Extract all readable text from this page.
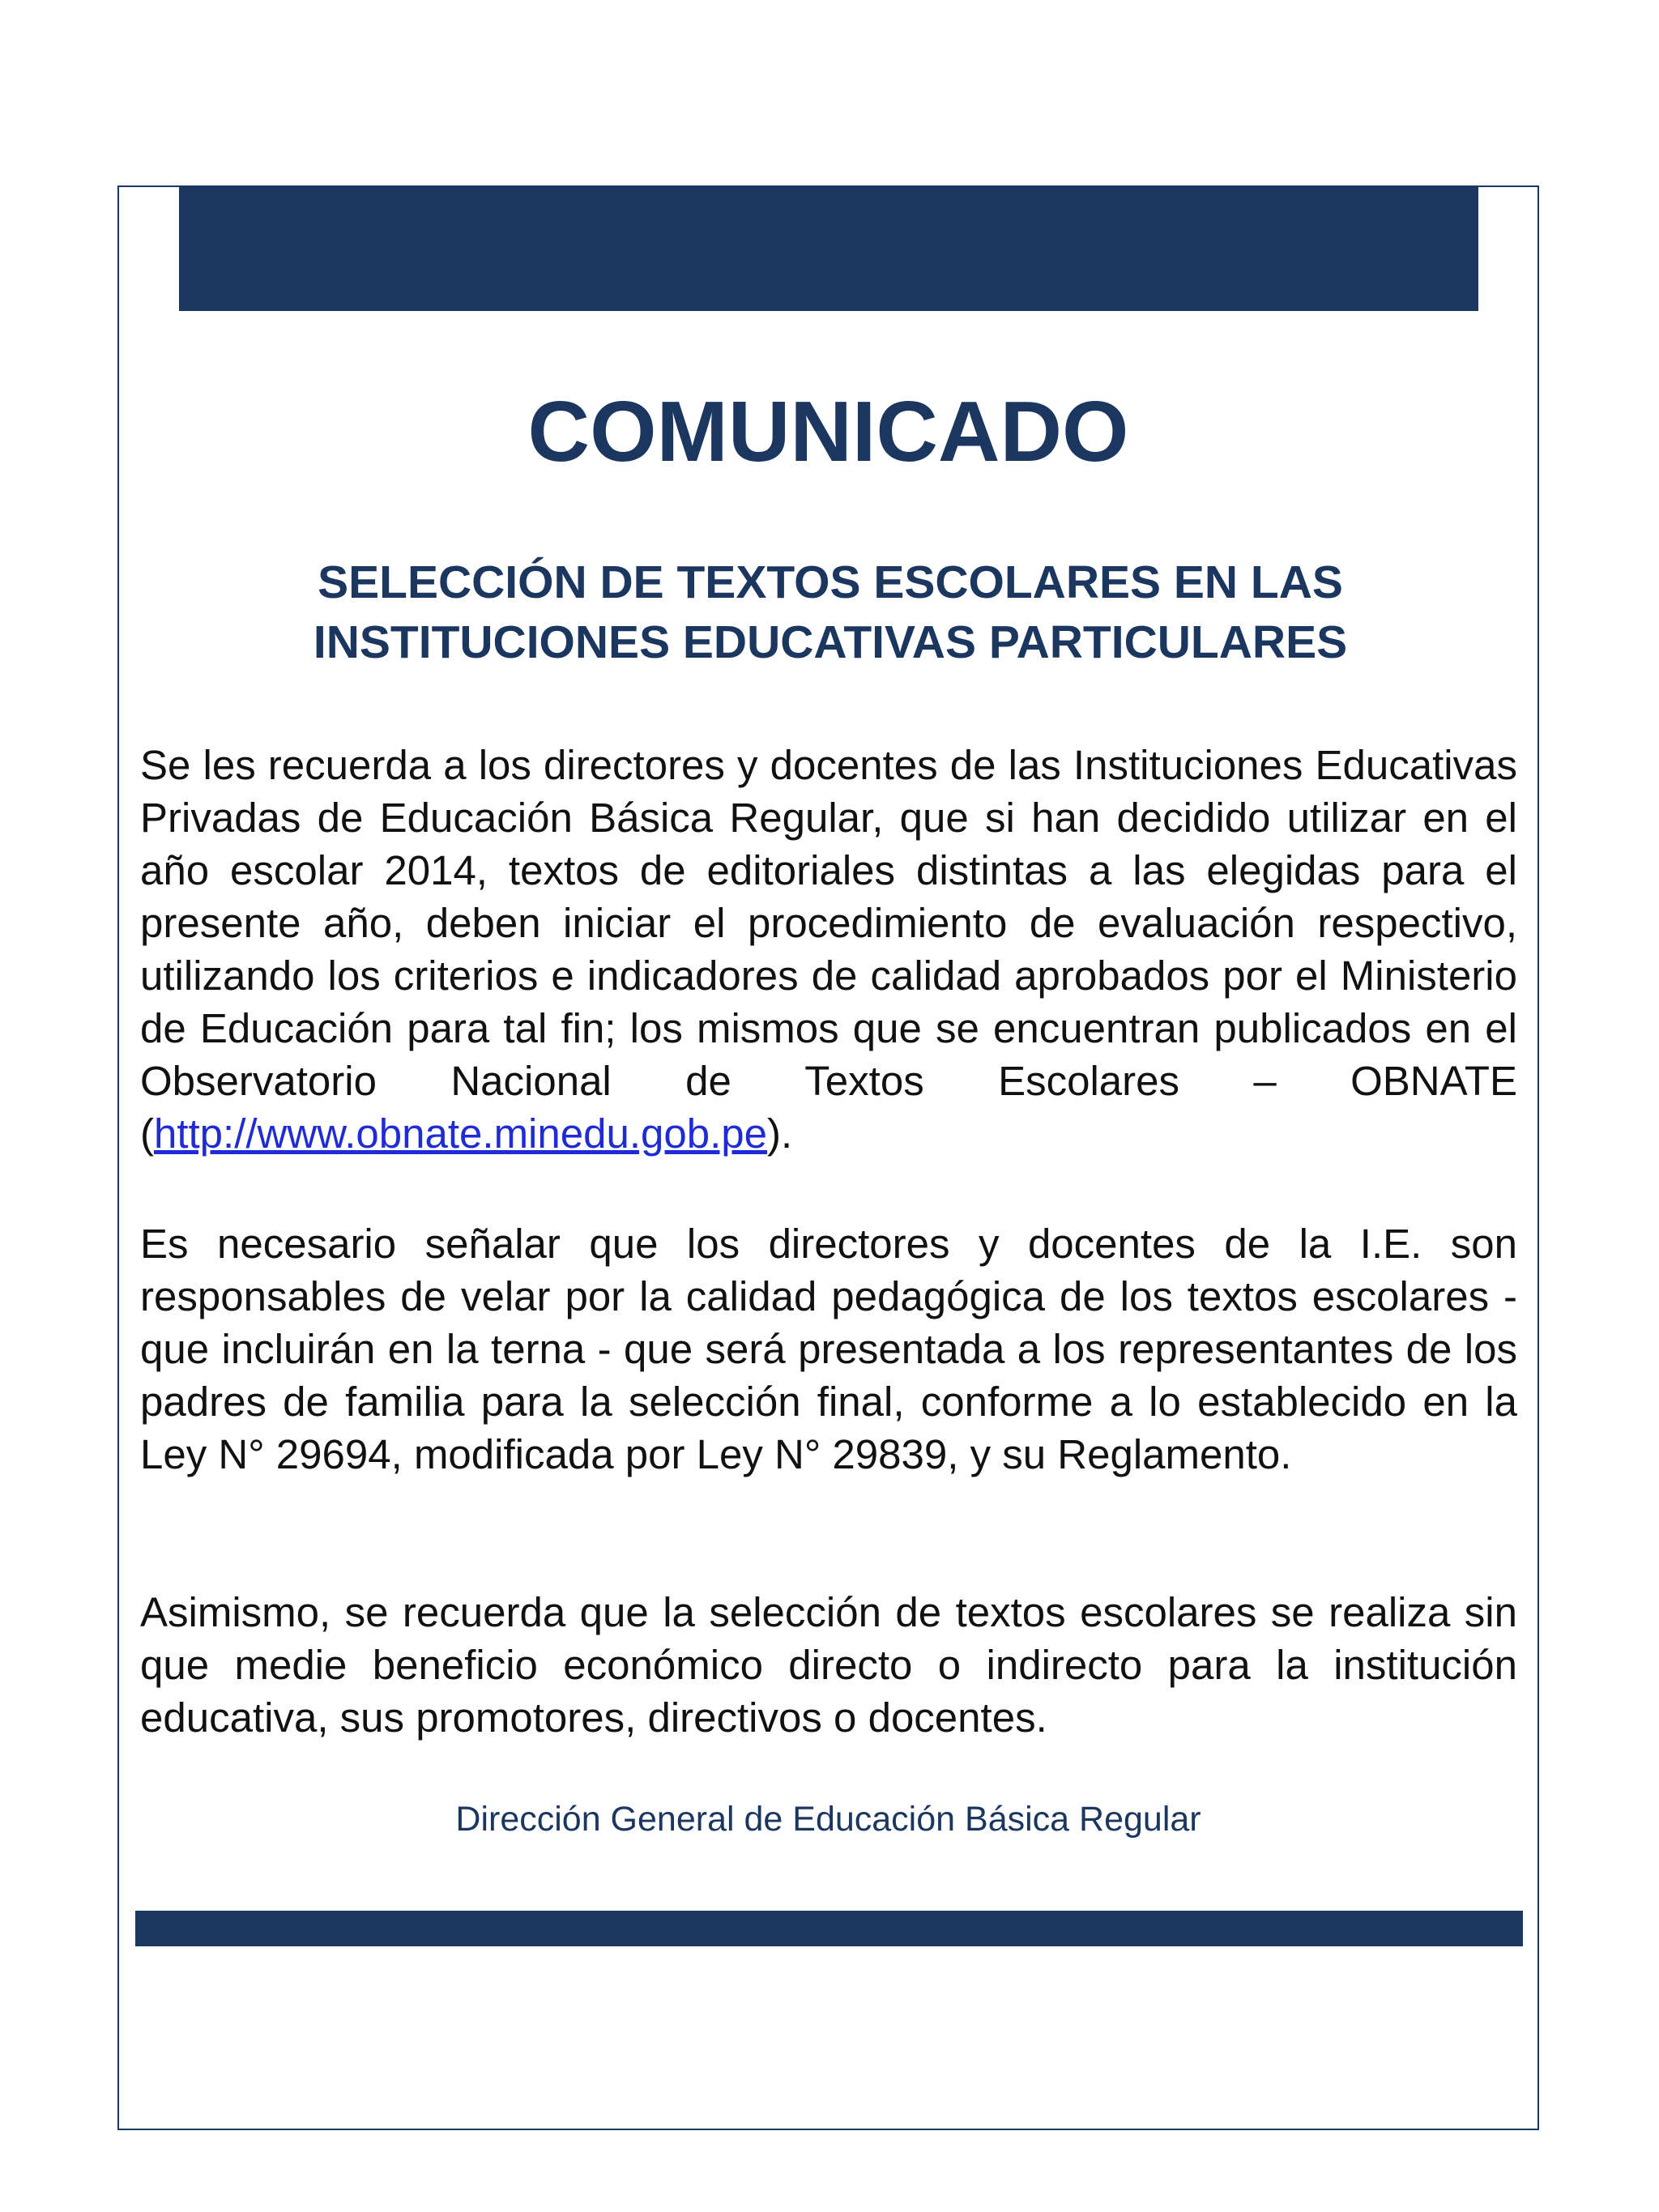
COMUNICADO
SELECCIÓN DE TEXTOS ESCOLARES EN LAS INSTITUCIONES EDUCATIVAS PARTICULARES

Se les recuerda a los directores y docentes de las Instituciones Educativas Privadas de Educación Básica Regular, que si han decidido utilizar en el año escolar 2014, textos de editoriales distintas a las elegidas para el presente año, deben iniciar el procedimiento de evaluación respectivo, utilizando los criterios e indicadores de calidad aprobados por el Ministerio de Educación para tal fin; los mismos que se encuentran publicados en el Observatorio Nacional de Textos Escolares – OBNATE (http://www.obnate.minedu.gob.pe).

Es necesario señalar que los directores y docentes de la I.E. son responsables de velar por la calidad pedagógica de los textos escolares - que incluirán en la terna - que será presentada a los representantes de los padres de familia para la selección final, conforme a lo establecido en la Ley N° 29694, modificada por Ley N° 29839, y su Reglamento.

Asimismo, se recuerda que la selección de textos escolares se realiza sin que medie beneficio económico directo o indirecto para la institución educativa, sus promotores, directivos o docentes.

Dirección General de Educación Básica Regular
